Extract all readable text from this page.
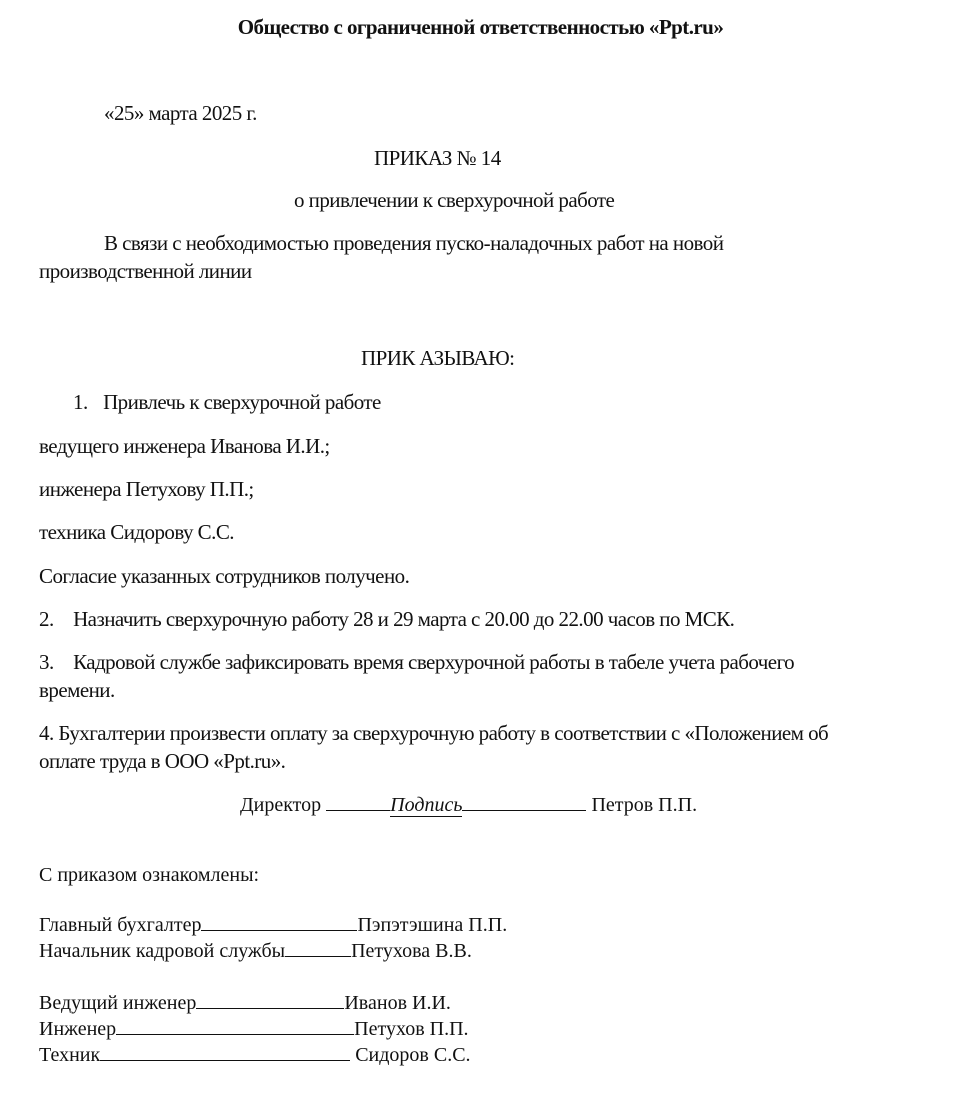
Общество с ограниченной ответственностью «Ppt.ru»
«25» марта 2025 г.
ПРИКАЗ № 14
о привлечении к сверхурочной работе
В связи с необходимостью проведения пуско-наладочных работ на новой
производственной линии
ПРИК АЗЫВАЮ:
1. Привлечь к сверхурочной работе
ведущего инженера Иванова И.И.;
инженера Петухову П.П.;
техника Сидорову С.С.
Согласие указанных сотрудников получено.
2. Назначить сверхурочную работу 28 и 29 марта с 20.00 до 22.00 часов по МСК.
3. Кадровой службе зафиксировать время сверхурочной работы в табеле учета рабочего
времени.
4. Бухгалтерии произвести оплату за сверхурочную работу в соответствии с «Положением об
оплате труда в ООО «Ppt.ru».
Директор	Подпись	Петров П.П.
С приказом ознакомлены:
Главный бухгалтер	Пэпэтэшина П.П.
Начальник кадровой службы	Петухова В.В.
Ведущий инженер	Иванов И.И.
Инженер	Петухов П.П.
Техник	Сидоров С.С.
